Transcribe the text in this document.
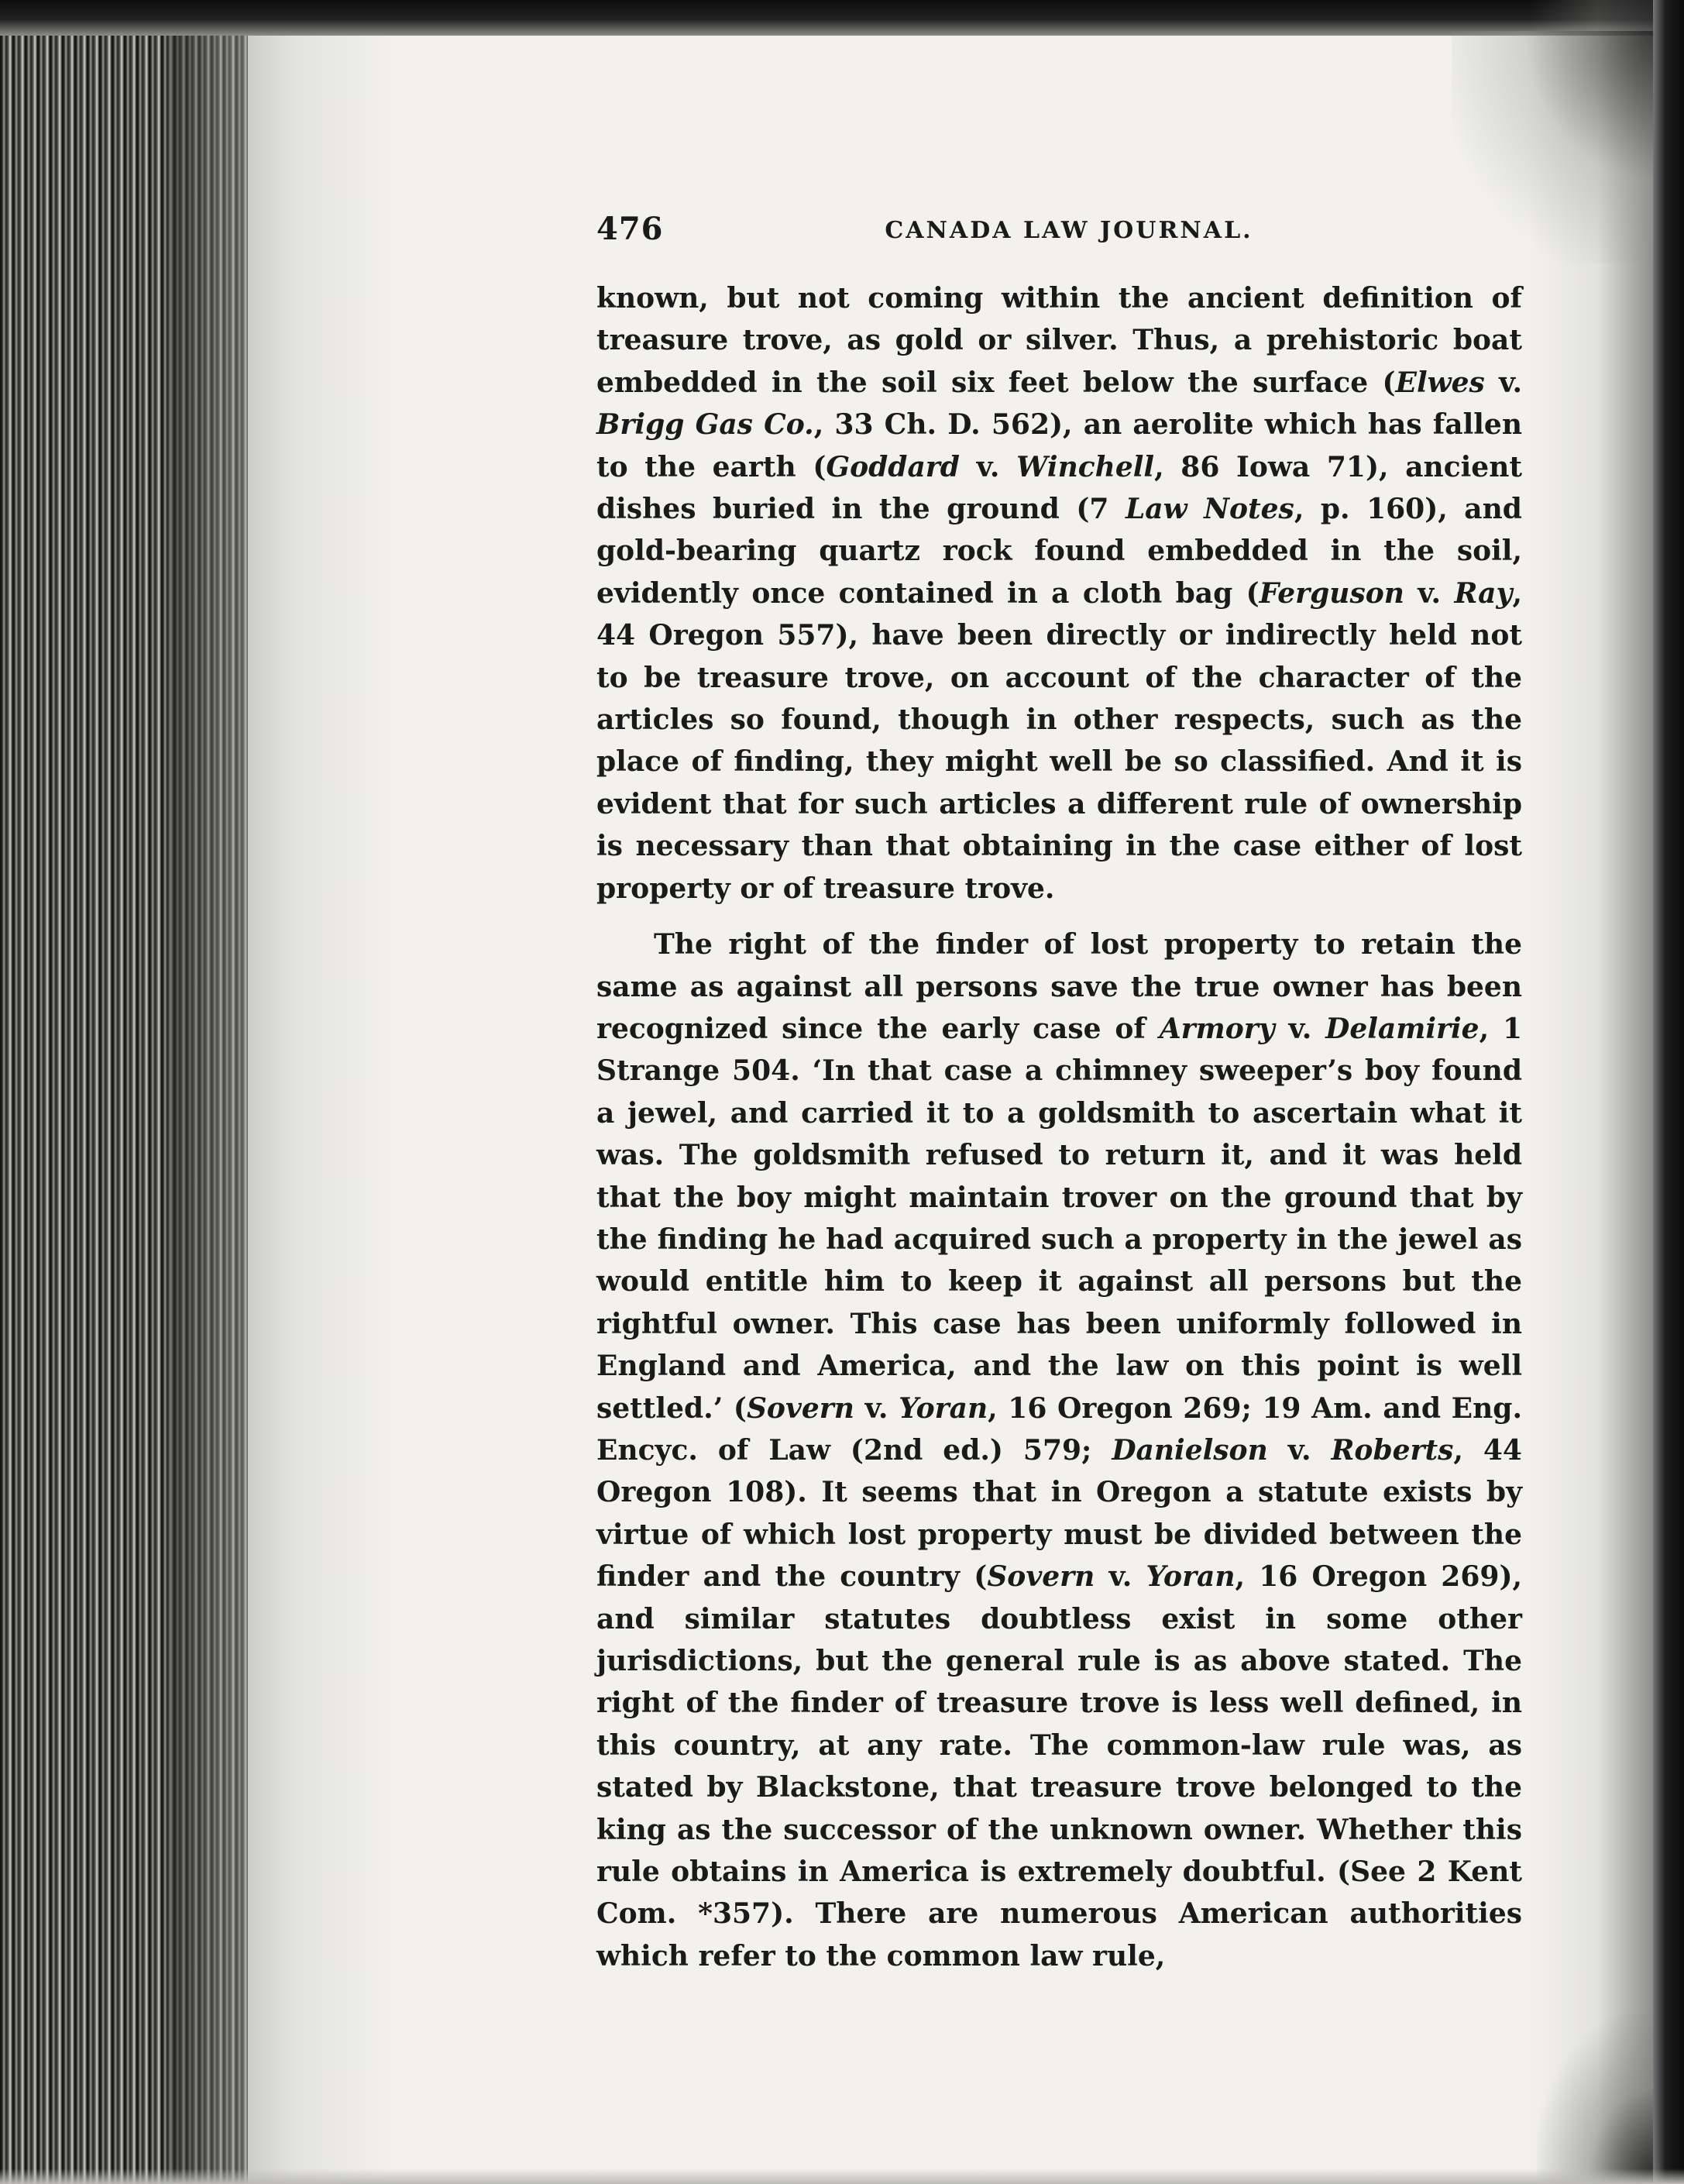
476	CANADA LAW JOURNAL.

known, but not coming within the ancient definition of treasure trove, as gold or silver. Thus, a prehistoric boat embedded in the soil six feet below the surface (Elwes v. Brigg Gas Co., 33 Ch. D. 562), an aerolite which has fallen to the earth (Goddard v. Winchell, 86 Iowa 71), ancient dishes buried in the ground (7 Law Notes, p. 160), and gold-bearing quartz rock found embedded in the soil, evidently once contained in a cloth bag (Ferguson v. Ray, 44 Oregon 557), have been directly or indirectly held not to be treasure trove, on account of the character of the articles so found, though in other respects, such as the place of finding, they might well be so classified. And it is evident that for such articles a different rule of ownership is necessary than that obtaining in the case either of lost property or of treasure trove.

The right of the finder of lost property to retain the same as against all persons save the true owner has been recognized since the early case of Armory v. Delamirie, 1 Strange 504. ‘In that case a chimney sweeper’s boy found a jewel, and carried it to a goldsmith to ascertain what it was. The goldsmith refused to return it, and it was held that the boy might maintain trover on the ground that by the finding he had acquired such a property in the jewel as would entitle him to keep it against all persons but the rightful owner. This case has been uniformly followed in England and America, and the law on this point is well settled.’ (Sovern v. Yoran, 16 Oregon 269; 19 Am. and Eng. Encyc. of Law (2nd ed.) 579; Danielson v. Roberts, 44 Oregon 108). It seems that in Oregon a statute exists by virtue of which lost property must be divided between the finder and the country (Sovern v. Yoran, 16 Oregon 269), and similar statutes doubtless exist in some other jurisdictions, but the general rule is as above stated. The right of the finder of treasure trove is less well defined, in this country, at any rate. The common-law rule was, as stated by Blackstone, that treasure trove belonged to the king as the successor of the unknown owner. Whether this rule obtains in America is extremely doubtful. (See 2 Kent Com. *357). There are numerous American authorities which refer to the common law rule,
